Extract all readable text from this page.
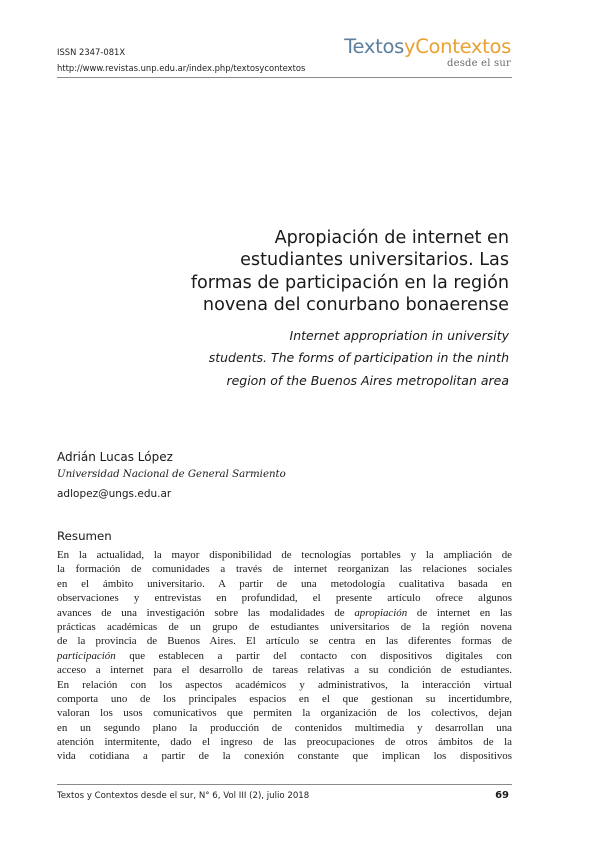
ISSN 2347-081X
http://www.revistas.unp.edu.ar/index.php/textosycontextos
TextosyContextos
desde el sur
Apropiación de internet en
estudiantes universitarios. Las
formas de participación en la región
novena del conurbano bonaerense
Internet appropriation in university
students. The forms of participation in the ninth
region of the Buenos Aires metropolitan area
Adrián Lucas López
Universidad Nacional de General Sarmiento
adlopez@ungs.edu.ar
Resumen
En la actualidad, la mayor disponibilidad de tecnologías portables y la ampliación de
la formación de comunidades a través de internet reorganizan las relaciones sociales
en el ámbito universitario. A partir de una metodología cualitativa basada en
observaciones y entrevistas en profundidad, el presente artículo ofrece algunos
avances de una investigación sobre las modalidades de apropiación de internet en las
prácticas académicas de un grupo de estudiantes universitarios de la región novena
de la provincia de Buenos Aires. El artículo se centra en las diferentes formas de
participación que establecen a partir del contacto con dispositivos digitales con
acceso a internet para el desarrollo de tareas relativas a su condición de estudiantes.
En relación con los aspectos académicos y administrativos, la interacción virtual
comporta uno de los principales espacios en el que gestionan su incertidumbre,
valoran los usos comunicativos que permiten la organización de los colectivos, dejan
en un segundo plano la producción de contenidos multimedia y desarrollan una
atención intermitente, dado el ingreso de las preocupaciones de otros ámbitos de la
vida cotidiana a partir de la conexión constante que implican los dispositivos
Textos y Contextos desde el sur, N° 6, Vol III (2), julio 2018	69
